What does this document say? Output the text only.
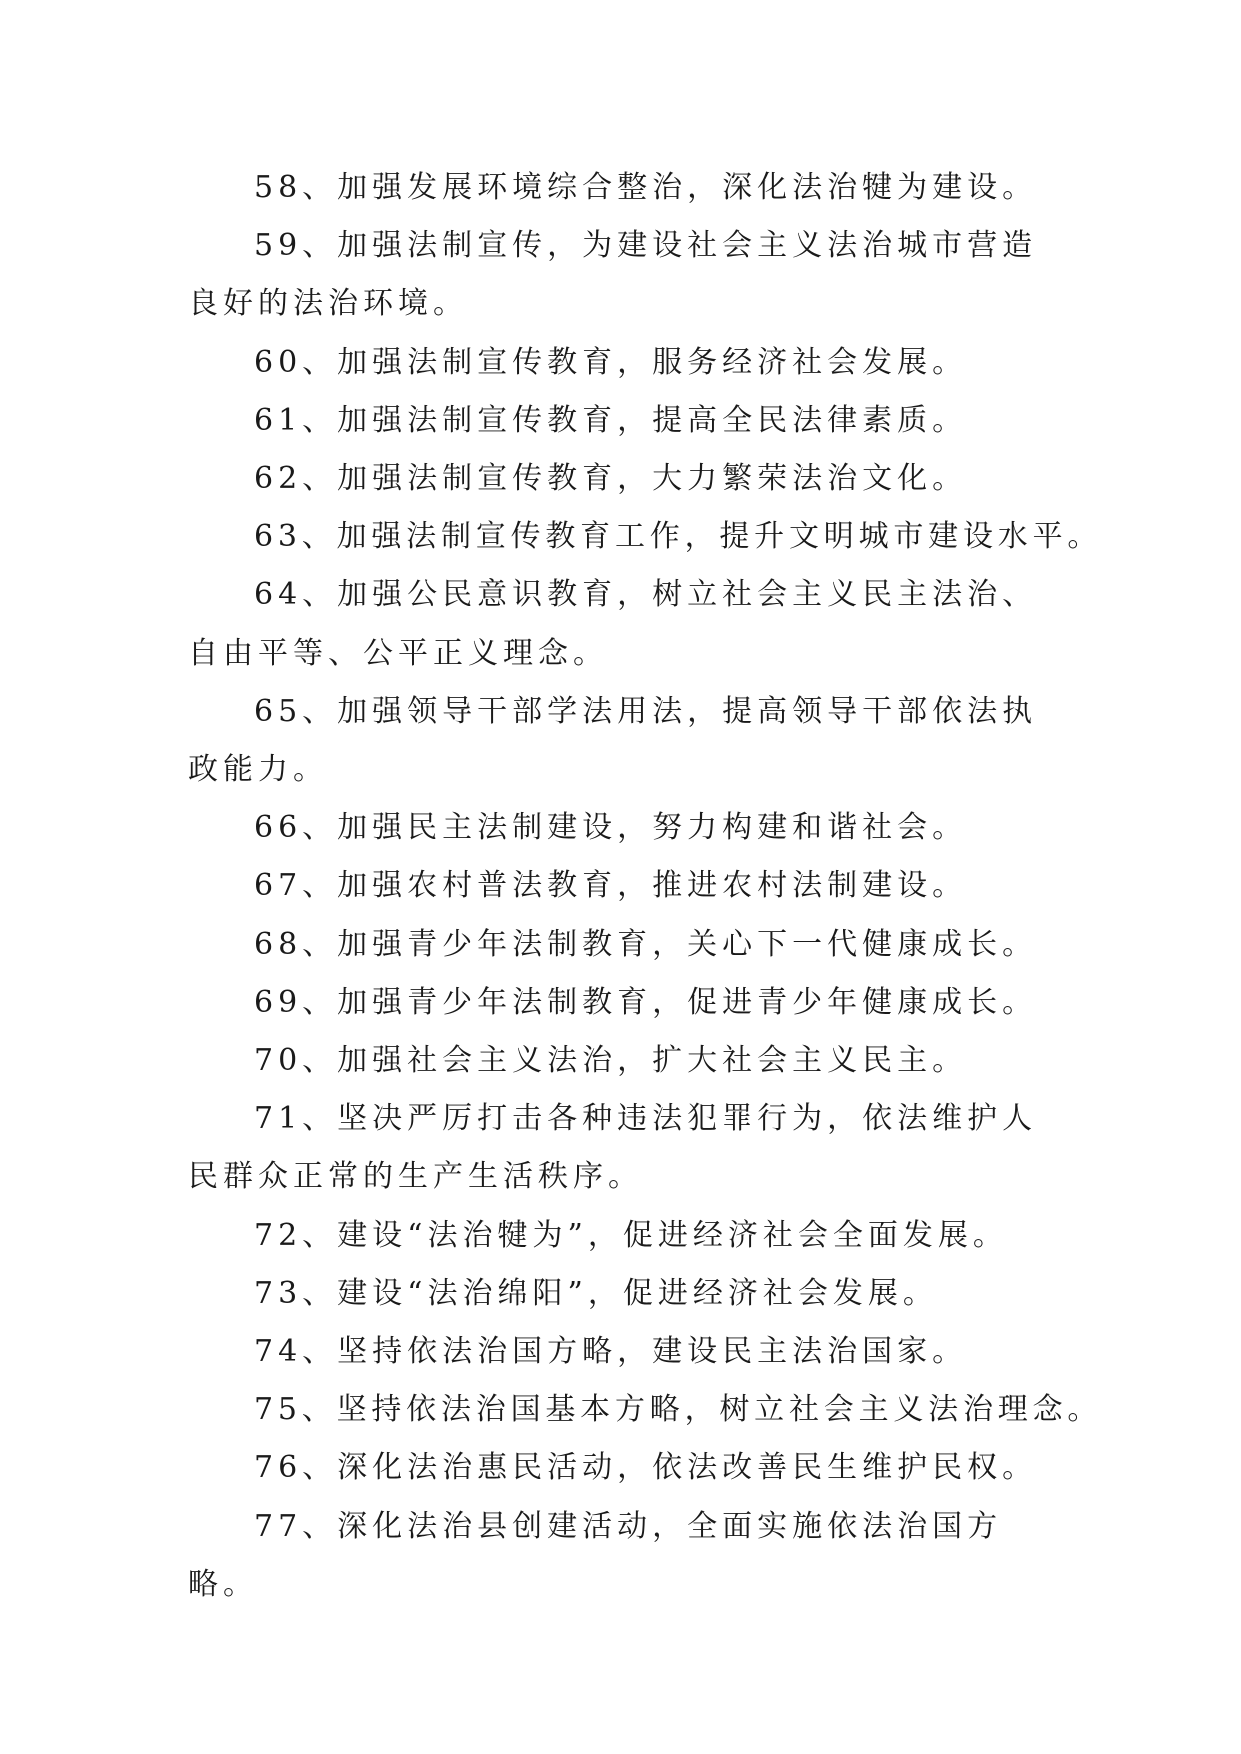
58、加强发展环境综合整治，深化法治犍为建设。

59、加强法制宣传，为建设社会主义法治城市营造良好的法治环境。

60、加强法制宣传教育，服务经济社会发展。

61、加强法制宣传教育，提高全民法律素质。

62、加强法制宣传教育，大力繁荣法治文化。

63、加强法制宣传教育工作，提升文明城市建设水平。

64、加强公民意识教育，树立社会主义民主法治、自由平等、公平正义理念。

65、加强领导干部学法用法，提高领导干部依法执政能力。

66、加强民主法制建设，努力构建和谐社会。

67、加强农村普法教育，推进农村法制建设。

68、加强青少年法制教育，关心下一代健康成长。

69、加强青少年法制教育，促进青少年健康成长。

70、加强社会主义法治，扩大社会主义民主。

71、坚决严厉打击各种违法犯罪行为，依法维护人民群众正常的生产生活秩序。

72、建设“法治犍为”，促进经济社会全面发展。

73、建设“法治绵阳”，促进经济社会发展。

74、坚持依法治国方略，建设民主法治国家。

75、坚持依法治国基本方略，树立社会主义法治理念。

76、深化法治惠民活动，依法改善民生维护民权。

77、深化法治县创建活动，全面实施依法治国方略。
